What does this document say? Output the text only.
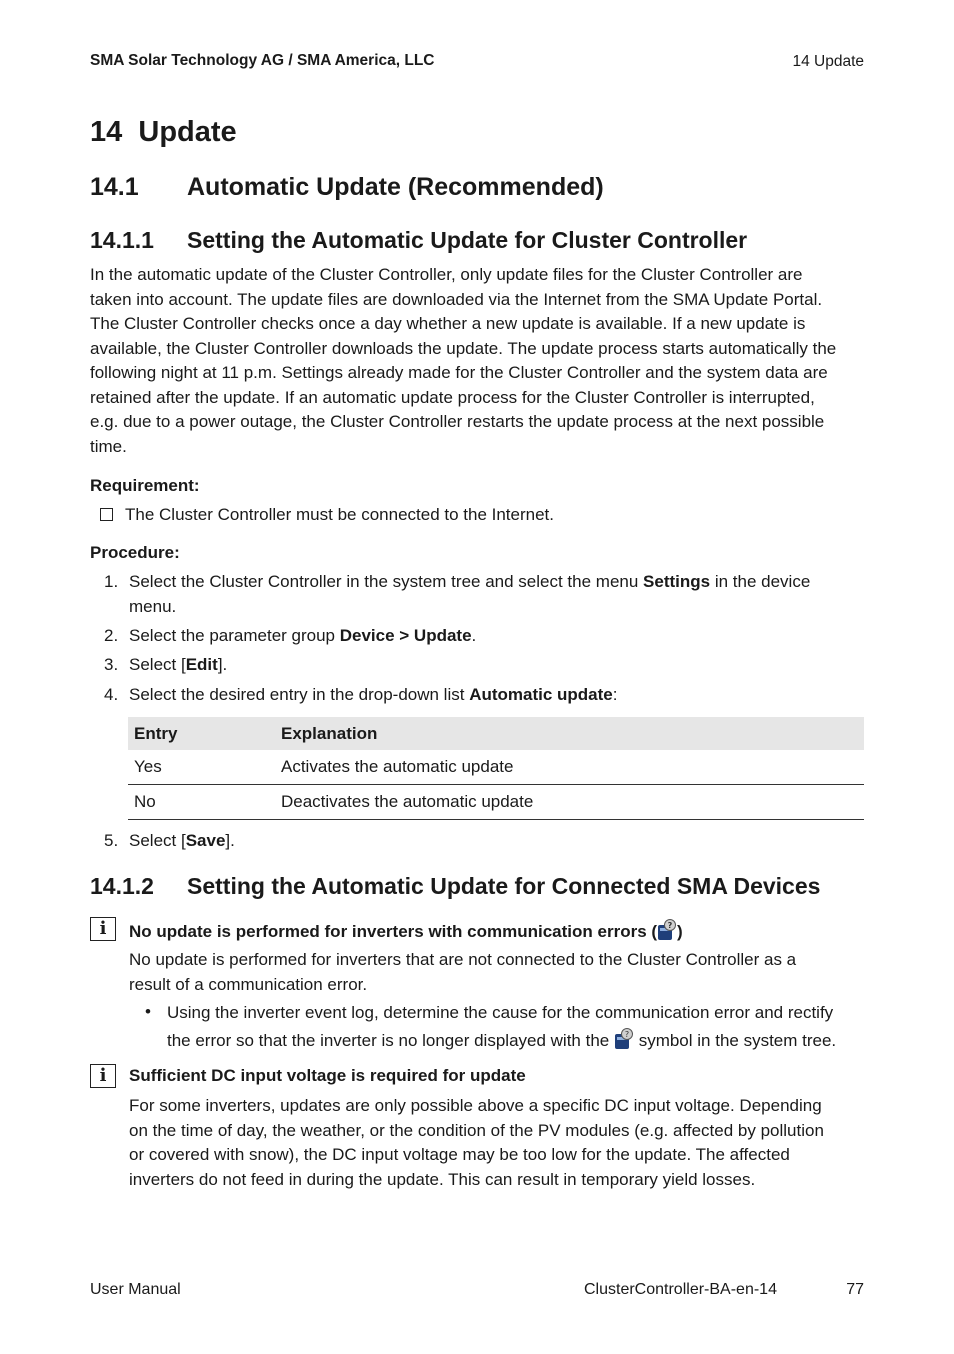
SMA Solar Technology AG / SMA America, LLC	14 Update
14 Update
14.1 Automatic Update (Recommended)
14.1.1 Setting the Automatic Update for Cluster Controller
In the automatic update of the Cluster Controller, only update files for the Cluster Controller are
taken into account. The update files are downloaded via the Internet from the SMA Update Portal.
The Cluster Controller checks once a day whether a new update is available. If a new update is
available, the Cluster Controller downloads the update. The update process starts automatically the
following night at 11 p.m. Settings already made for the Cluster Controller and the system data are
retained after the update. If an automatic update process for the Cluster Controller is interrupted,
e.g. due to a power outage, the Cluster Controller restarts the update process at the next possible
time.
Requirement:
The Cluster Controller must be connected to the Internet.
Procedure:
1. Select the Cluster Controller in the system tree and select the menu Settings in the device
menu.
2. Select the parameter group Device > Update.
3. Select [Edit].
4. Select the desired entry in the drop-down list Automatic update:
Entry	Explanation
Yes	Activates the automatic update
No	Deactivates the automatic update
5. Select [Save].
14.1.2 Setting the Automatic Update for Connected SMA Devices
i	No update is performed for inverters with communication errors ( ? )
No update is performed for inverters that are not connected to the Cluster Controller as a
result of a communication error.
• Using the inverter event log, determine the cause for the communication error and rectify
the error so that the inverter is no longer displayed with the ? symbol in the system tree.
i	Sufficient DC input voltage is required for update
For some inverters, updates are only possible above a specific DC input voltage. Depending
on the time of day, the weather, or the condition of the PV modules (e.g. affected by pollution
or covered with snow), the DC input voltage may be too low for the update. The affected
inverters do not feed in during the update. This can result in temporary yield losses.
User Manual	ClusterController-BA-en-14	77
